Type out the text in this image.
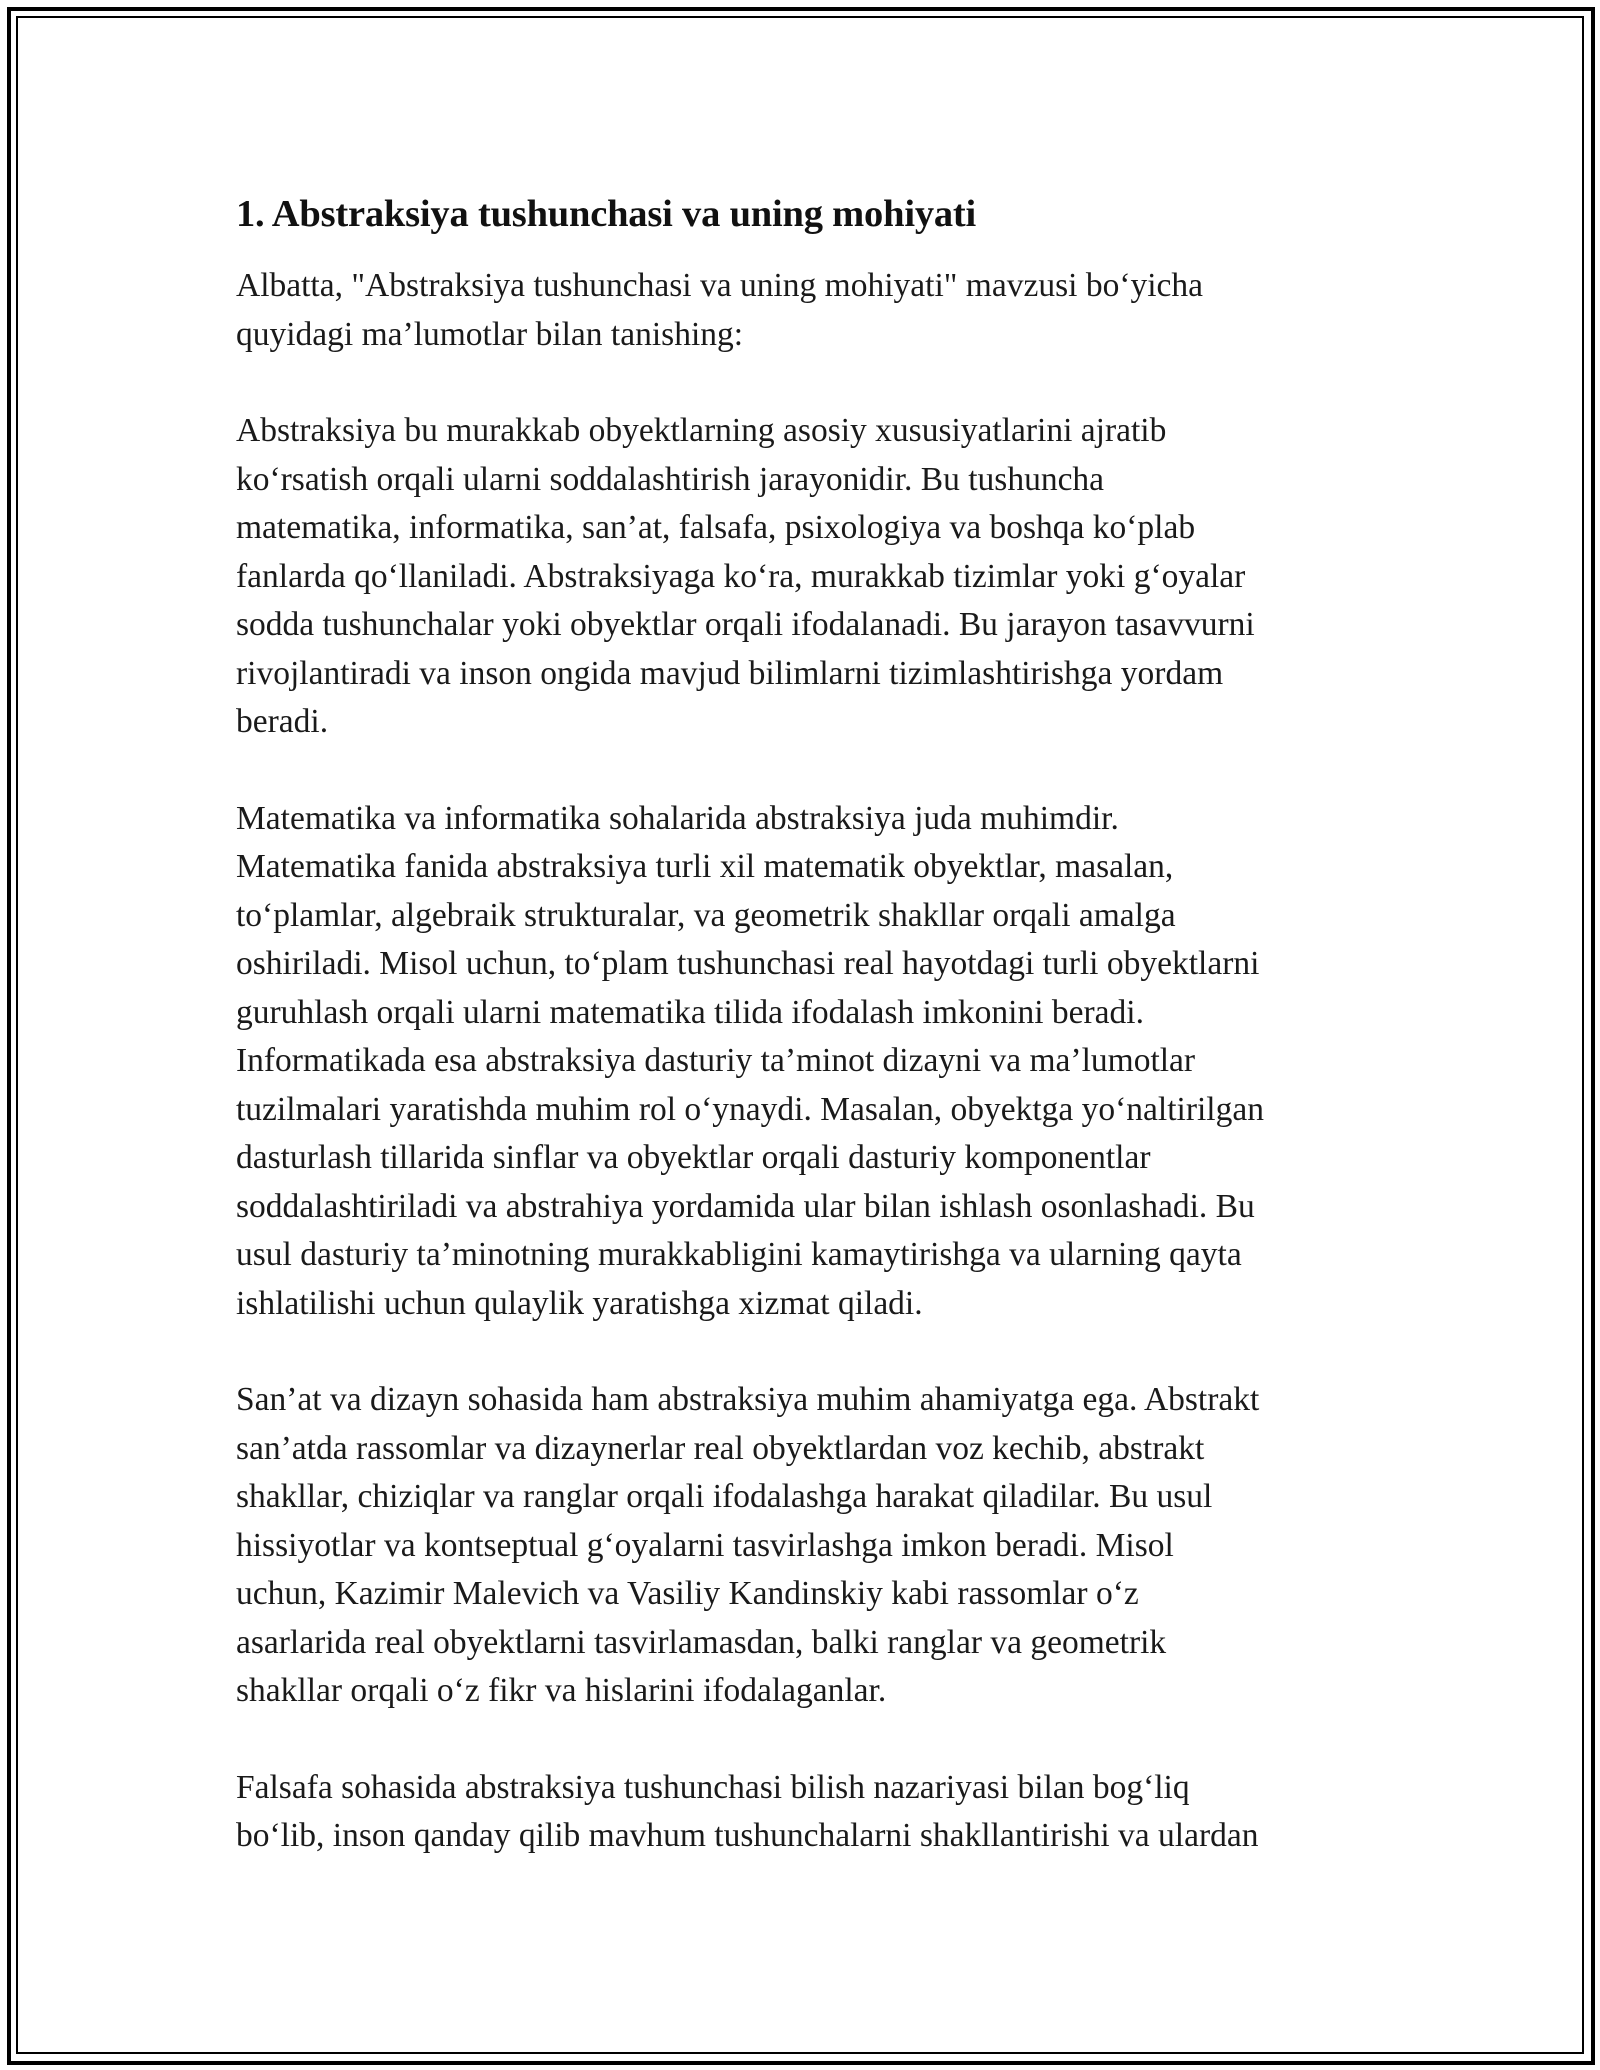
1. Abstraksiya tushunchasi va uning mohiyati
Albatta, "Abstraksiya tushunchasi va uning mohiyati" mavzusi bo‘yicha
quyidagi ma’lumotlar bilan tanishing:
Abstraksiya bu murakkab obyektlarning asosiy xususiyatlarini ajratib
ko‘rsatish orqali ularni soddalashtirish jarayonidir. Bu tushuncha
matematika, informatika, san’at, falsafa, psixologiya va boshqa ko‘plab
fanlarda qo‘llaniladi. Abstraksiyaga ko‘ra, murakkab tizimlar yoki g‘oyalar
sodda tushunchalar yoki obyektlar orqali ifodalanadi. Bu jarayon tasavvurni
rivojlantiradi va inson ongida mavjud bilimlarni tizimlashtirishga yordam
beradi.
Matematika va informatika sohalarida abstraksiya juda muhimdir.
Matematika fanida abstraksiya turli xil matematik obyektlar, masalan,
to‘plamlar, algebraik strukturalar, va geometrik shakllar orqali amalga
oshiriladi. Misol uchun, to‘plam tushunchasi real hayotdagi turli obyektlarni
guruhlash orqali ularni matematika tilida ifodalash imkonini beradi.
Informatikada esa abstraksiya dasturiy ta’minot dizayni va ma’lumotlar
tuzilmalari yaratishda muhim rol o‘ynaydi. Masalan, obyektga yo‘naltirilgan
dasturlash tillarida sinflar va obyektlar orqali dasturiy komponentlar
soddalashtiriladi va abstrahiya yordamida ular bilan ishlash osonlashadi. Bu
usul dasturiy ta’minotning murakkabligini kamaytirishga va ularning qayta
ishlatilishi uchun qulaylik yaratishga xizmat qiladi.
San’at va dizayn sohasida ham abstraksiya muhim ahamiyatga ega. Abstrakt
san’atda rassomlar va dizaynerlar real obyektlardan voz kechib, abstrakt
shakllar, chiziqlar va ranglar orqali ifodalashga harakat qiladilar. Bu usul
hissiyotlar va kontseptual g‘oyalarni tasvirlashga imkon beradi. Misol
uchun, Kazimir Malevich va Vasiliy Kandinskiy kabi rassomlar o‘z
asarlarida real obyektlarni tasvirlamasdan, balki ranglar va geometrik
shakllar orqali o‘z fikr va hislarini ifodalaganlar.
Falsafa sohasida abstraksiya tushunchasi bilish nazariyasi bilan bog‘liq
bo‘lib, inson qanday qilib mavhum tushunchalarni shakllantirishi va ulardan
